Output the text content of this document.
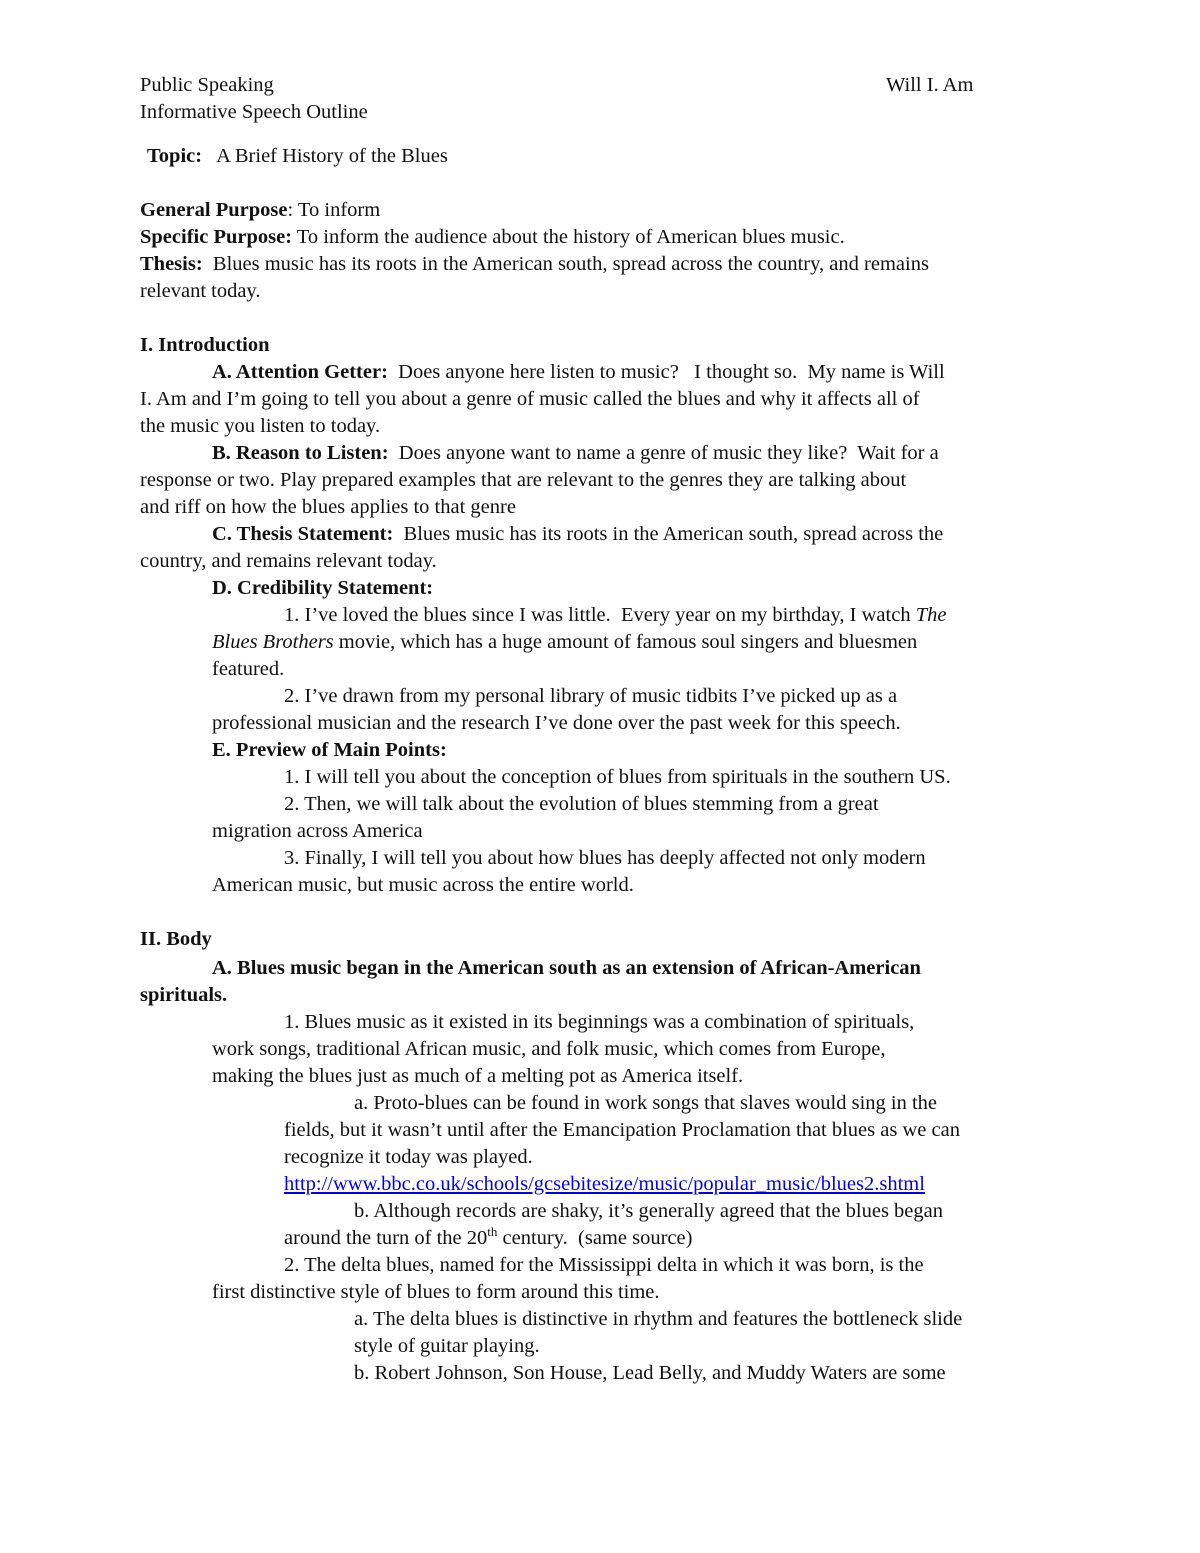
Public Speaking	Will I. Am
Informative Speech Outline
Topic: A Brief History of the Blues
General Purpose: To inform
Specific Purpose: To inform the audience about the history of American blues music.
Thesis:  Blues music has its roots in the American south, spread across the country, and remains
relevant today.
I. Introduction
A. Attention Getter:  Does anyone here listen to music?   I thought so.  My name is Will
I. Am and I’m going to tell you about a genre of music called the blues and why it affects all of
the music you listen to today.
B. Reason to Listen:  Does anyone want to name a genre of music they like?  Wait for a
response or two. Play prepared examples that are relevant to the genres they are talking about
and riff on how the blues applies to that genre
C. Thesis Statement:  Blues music has its roots in the American south, spread across the
country, and remains relevant today.
D. Credibility Statement:
1. I’ve loved the blues since I was little.  Every year on my birthday, I watch The
Blues Brothers movie, which has a huge amount of famous soul singers and bluesmen
featured.
2. I’ve drawn from my personal library of music tidbits I’ve picked up as a
professional musician and the research I’ve done over the past week for this speech.
E. Preview of Main Points:
1. I will tell you about the conception of blues from spirituals in the southern US.
2. Then, we will talk about the evolution of blues stemming from a great
migration across America
3. Finally, I will tell you about how blues has deeply affected not only modern
American music, but music across the entire world.
II. Body
A. Blues music began in the American south as an extension of African-American
spirituals.
1. Blues music as it existed in its beginnings was a combination of spirituals,
work songs, traditional African music, and folk music, which comes from Europe,
making the blues just as much of a melting pot as America itself.
a. Proto-blues can be found in work songs that slaves would sing in the
fields, but it wasn’t until after the Emancipation Proclamation that blues as we can
recognize it today was played.
http://www.bbc.co.uk/schools/gcsebitesize/music/popular_music/blues2.shtml
b. Although records are shaky, it’s generally agreed that the blues began
around the turn of the 20th century.  (same source)
2. The delta blues, named for the Mississippi delta in which it was born, is the
first distinctive style of blues to form around this time.
a. The delta blues is distinctive in rhythm and features the bottleneck slide
style of guitar playing.
b. Robert Johnson, Son House, Lead Belly, and Muddy Waters are some
